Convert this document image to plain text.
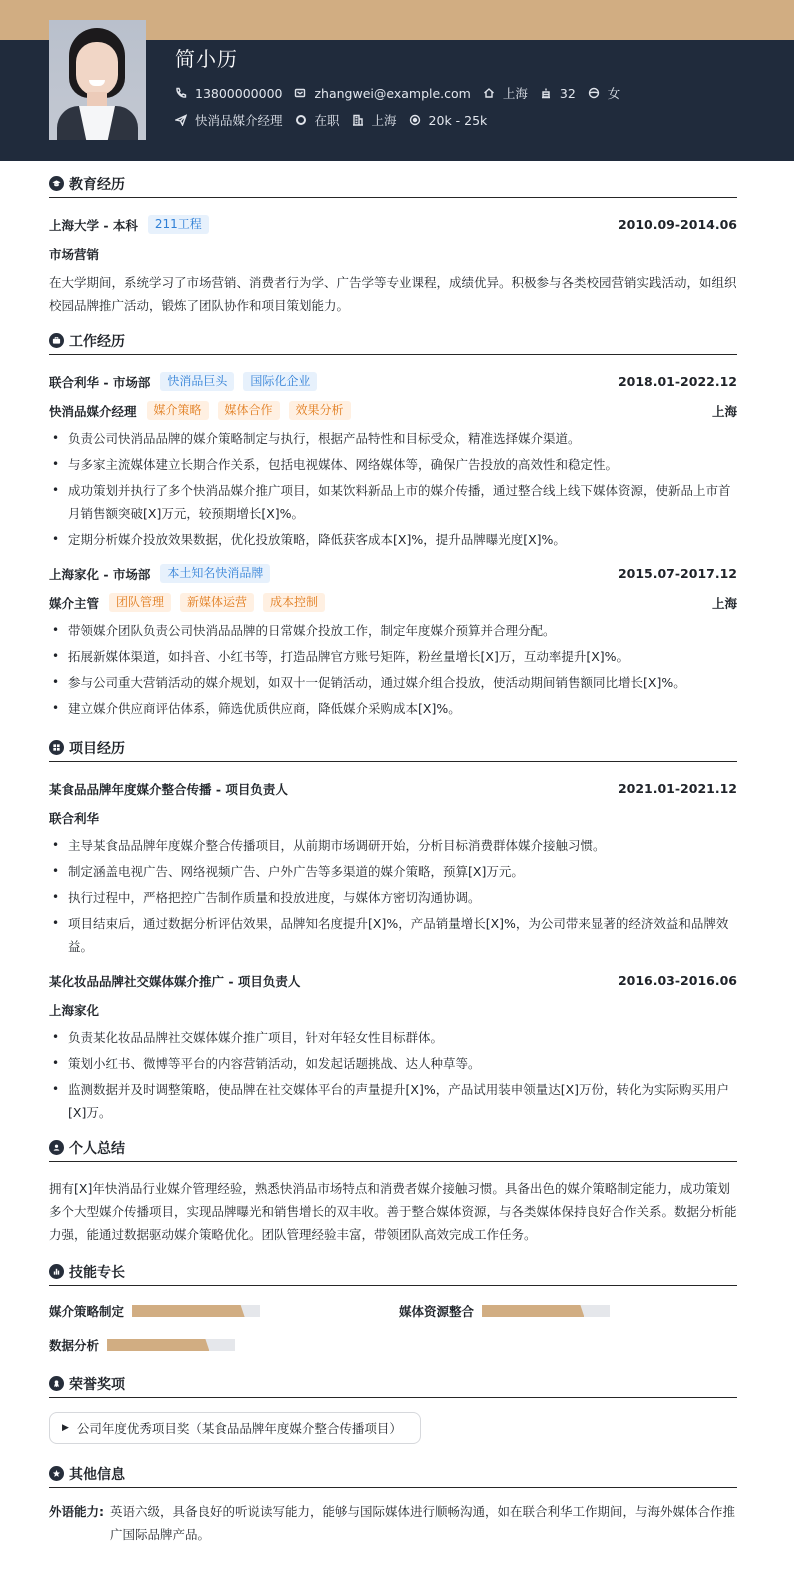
简小历
13800000000	zhangwei@example.com	上海	32	女
快消品媒介经理	在职	上海	20k - 25k
教育经历
上海大学 - 本科	211工程	2010.09-2014.06
市场营销
在大学期间，系统学习了市场营销、消费者行为学、广告学等专业课程，成绩优异。积极参与各类校园营销实践活动，如组织校园品牌推广活动，锻炼了团队协作和项目策划能力。
工作经历
联合利华 - 市场部	快消品巨头	国际化企业	2018.01-2022.12
快消品媒介经理	媒介策略	媒体合作	效果分析	上海
• 负责公司快消品品牌的媒介策略制定与执行，根据产品特性和目标受众，精准选择媒介渠道。
• 与多家主流媒体建立长期合作关系，包括电视媒体、网络媒体等，确保广告投放的高效性和稳定性。
• 成功策划并执行了多个快消品媒介推广项目，如某饮料新品上市的媒介传播，通过整合线上线下媒体资源，使新品上市首月销售额突破[X]万元，较预期增长[X]%。
• 定期分析媒介投放效果数据，优化投放策略，降低获客成本[X]%，提升品牌曝光度[X]%。
上海家化 - 市场部	本土知名快消品牌	2015.07-2017.12
媒介主管	团队管理	新媒体运营	成本控制	上海
• 带领媒介团队负责公司快消品品牌的日常媒介投放工作，制定年度媒介预算并合理分配。
• 拓展新媒体渠道，如抖音、小红书等，打造品牌官方账号矩阵，粉丝量增长[X]万，互动率提升[X]%。
• 参与公司重大营销活动的媒介规划，如双十一促销活动，通过媒介组合投放，使活动期间销售额同比增长[X]%。
• 建立媒介供应商评估体系，筛选优质供应商，降低媒介采购成本[X]%。
项目经历
某食品品牌年度媒介整合传播 - 项目负责人	2021.01-2021.12
联合利华
• 主导某食品品牌年度媒介整合传播项目，从前期市场调研开始，分析目标消费群体媒介接触习惯。
• 制定涵盖电视广告、网络视频广告、户外广告等多渠道的媒介策略，预算[X]万元。
• 执行过程中，严格把控广告制作质量和投放进度，与媒体方密切沟通协调。
• 项目结束后，通过数据分析评估效果，品牌知名度提升[X]%，产品销量增长[X]%，为公司带来显著的经济效益和品牌效益。
某化妆品品牌社交媒体媒介推广 - 项目负责人	2016.03-2016.06
上海家化
• 负责某化妆品品牌社交媒体媒介推广项目，针对年轻女性目标群体。
• 策划小红书、微博等平台的内容营销活动，如发起话题挑战、达人种草等。
• 监测数据并及时调整策略，使品牌在社交媒体平台的声量提升[X]%，产品试用装申领量达[X]万份，转化为实际购买用户[X]万。
个人总结
拥有[X]年快消品行业媒介管理经验，熟悉快消品市场特点和消费者媒介接触习惯。具备出色的媒介策略制定能力，成功策划多个大型媒介传播项目，实现品牌曝光和销售增长的双丰收。善于整合媒体资源，与各类媒体保持良好合作关系。数据分析能力强，能通过数据驱动媒介策略优化。团队管理经验丰富，带领团队高效完成工作任务。
技能专长
媒介策略制定	媒体资源整合
数据分析
荣誉奖项
▶ 公司年度优秀项目奖（某食品品牌年度媒介整合传播项目）
其他信息
外语能力: 英语六级，具备良好的听说读写能力，能够与国际媒体进行顺畅沟通，如在联合利华工作期间，与海外媒体合作推广国际品牌产品。
